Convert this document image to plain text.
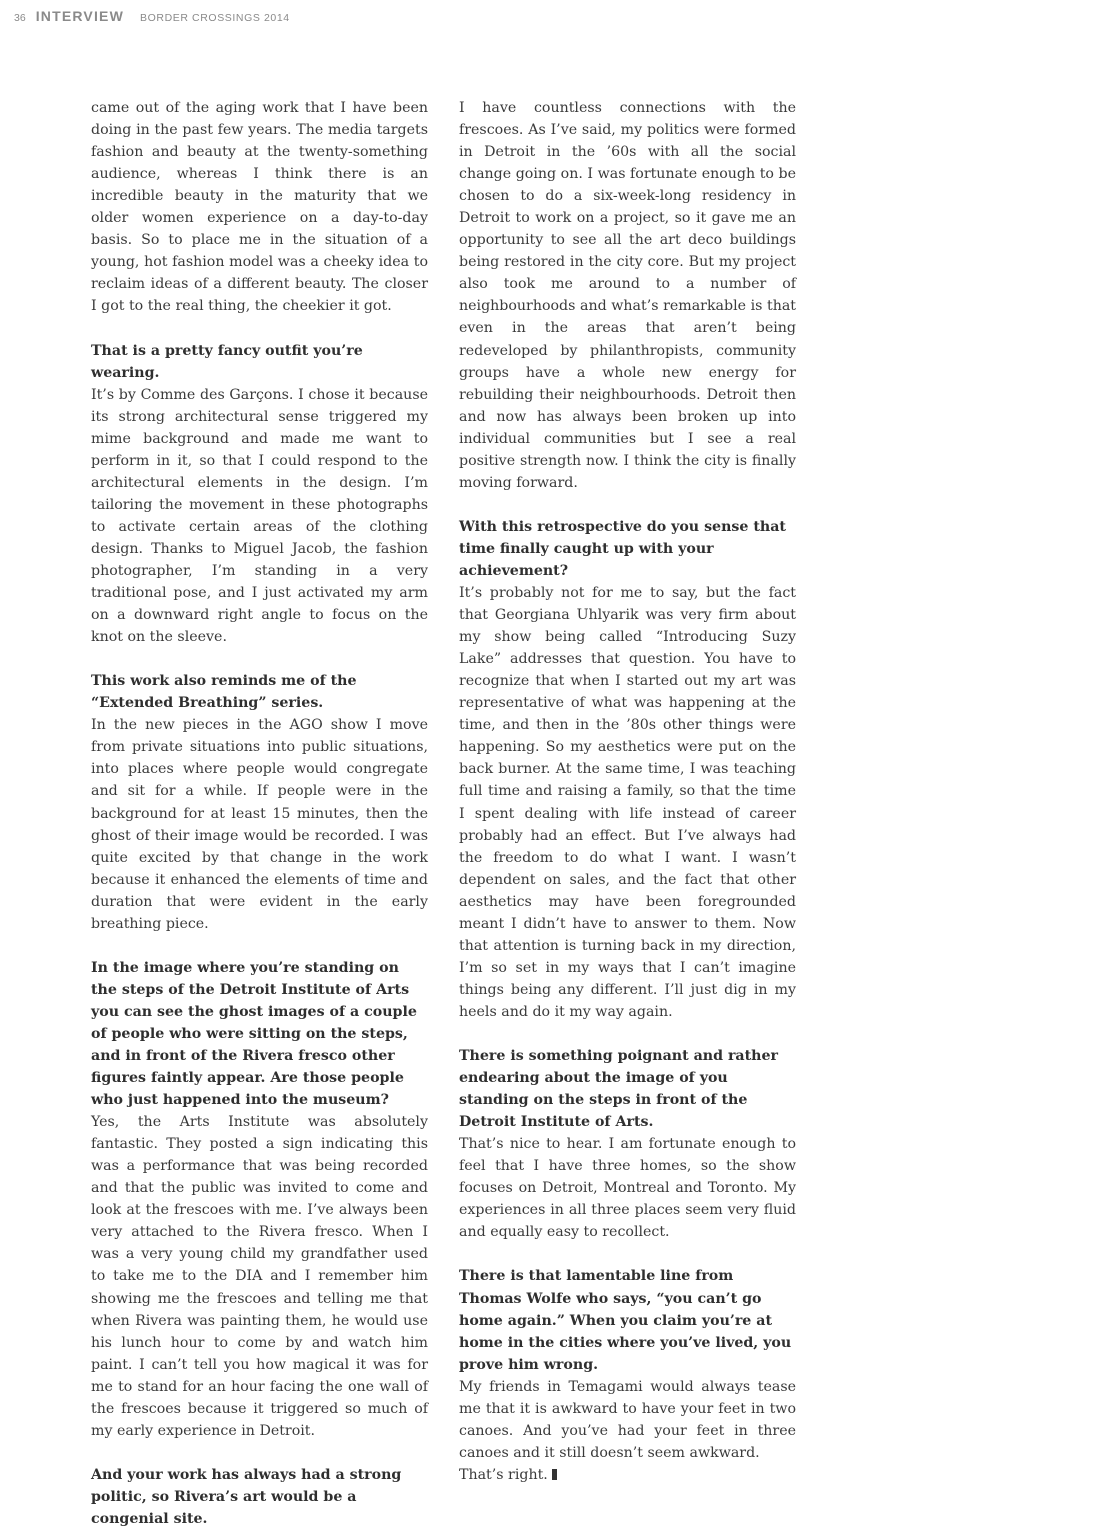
36 INTERVIEW BORDER CROSSINGS 2014

came out of the aging work that I have been doing in the past few years. The media targets fashion and beauty at the twenty-something audience, whereas I think there is an incredible beauty in the maturity that we older women experience on a day-to-day basis. So to place me in the situation of a young, hot fashion model was a cheeky idea to reclaim ideas of a different beauty. The closer I got to the real thing, the cheekier it got.

That is a pretty fancy outfit you’re wearing.

It’s by Comme des Garçons. I chose it because its strong architectural sense triggered my mime background and made me want to perform in it, so that I could respond to the architectural elements in the design. I’m tailoring the movement in these photographs to activate certain areas of the clothing design. Thanks to Miguel Jacob, the fashion photographer, I’m standing in a very traditional pose, and I just activated my arm on a downward right angle to focus on the knot on the sleeve.

This work also reminds me of the “Extended Breathing” series.

In the new pieces in the AGO show I move from private situations into public situations, into places where people would congregate and sit for a while. If people were in the background for at least 15 minutes, then the ghost of their image would be recorded. I was quite excited by that change in the work because it enhanced the elements of time and duration that were evident in the early breathing piece.

In the image where you’re standing on the steps of the Detroit Institute of Arts you can see the ghost images of a couple of people who were sitting on the steps, and in front of the Rivera fresco other figures faintly appear. Are those people who just happened into the museum?

Yes, the Arts Institute was absolutely fantastic. They posted a sign indicating this was a performance that was being recorded and that the public was invited to come and look at the frescoes with me. I’ve always been very attached to the Rivera fresco. When I was a very young child my grandfather used to take me to the DIA and I remember him showing me the frescoes and telling me that when Rivera was painting them, he would use his lunch hour to come by and watch him paint. I can’t tell you how magical it was for me to stand for an hour facing the one wall of the frescoes because it triggered so much of my early experience in Detroit.

And your work has always had a strong politic, so Rivera’s art would be a congenial site.

I have countless connections with the frescoes. As I’ve said, my politics were formed in Detroit in the ’60s with all the social change going on. I was fortunate enough to be chosen to do a six-week-long residency in Detroit to work on a project, so it gave me an opportunity to see all the art deco buildings being restored in the city core. But my project also took me around to a number of neighbourhoods and what’s remarkable is that even in the areas that aren’t being redeveloped by philanthropists, community groups have a whole new energy for rebuilding their neighbourhoods. Detroit then and now has always been broken up into individual communities but I see a real positive strength now. I think the city is finally moving forward.

With this retrospective do you sense that time finally caught up with your achievement?

It’s probably not for me to say, but the fact that Georgiana Uhlyarik was very firm about my show being called “Introducing Suzy Lake” addresses that question. You have to recognize that when I started out my art was representative of what was happening at the time, and then in the ’80s other things were happening. So my aesthetics were put on the back burner. At the same time, I was teaching full time and raising a family, so that the time I spent dealing with life instead of career probably had an effect. But I’ve always had the freedom to do what I want. I wasn’t dependent on sales, and the fact that other aesthetics may have been foregrounded meant I didn’t have to answer to them. Now that attention is turning back in my direction, I’m so set in my ways that I can’t imagine things being any different. I’ll just dig in my heels and do it my way again.

There is something poignant and rather endearing about the image of you standing on the steps in front of the Detroit Institute of Arts.

That’s nice to hear. I am fortunate enough to feel that I have three homes, so the show focuses on Detroit, Montreal and Toronto. My experiences in all three places seem very fluid and equally easy to recollect.

There is that lamentable line from Thomas Wolfe who says, “you can’t go home again.” When you claim you’re at home in the cities where you’ve lived, you prove him wrong.

My friends in Temagami would always tease me that it is awkward to have your feet in two canoes. And you’ve had your feet in three canoes and it still doesn’t seem awkward.

That’s right.
